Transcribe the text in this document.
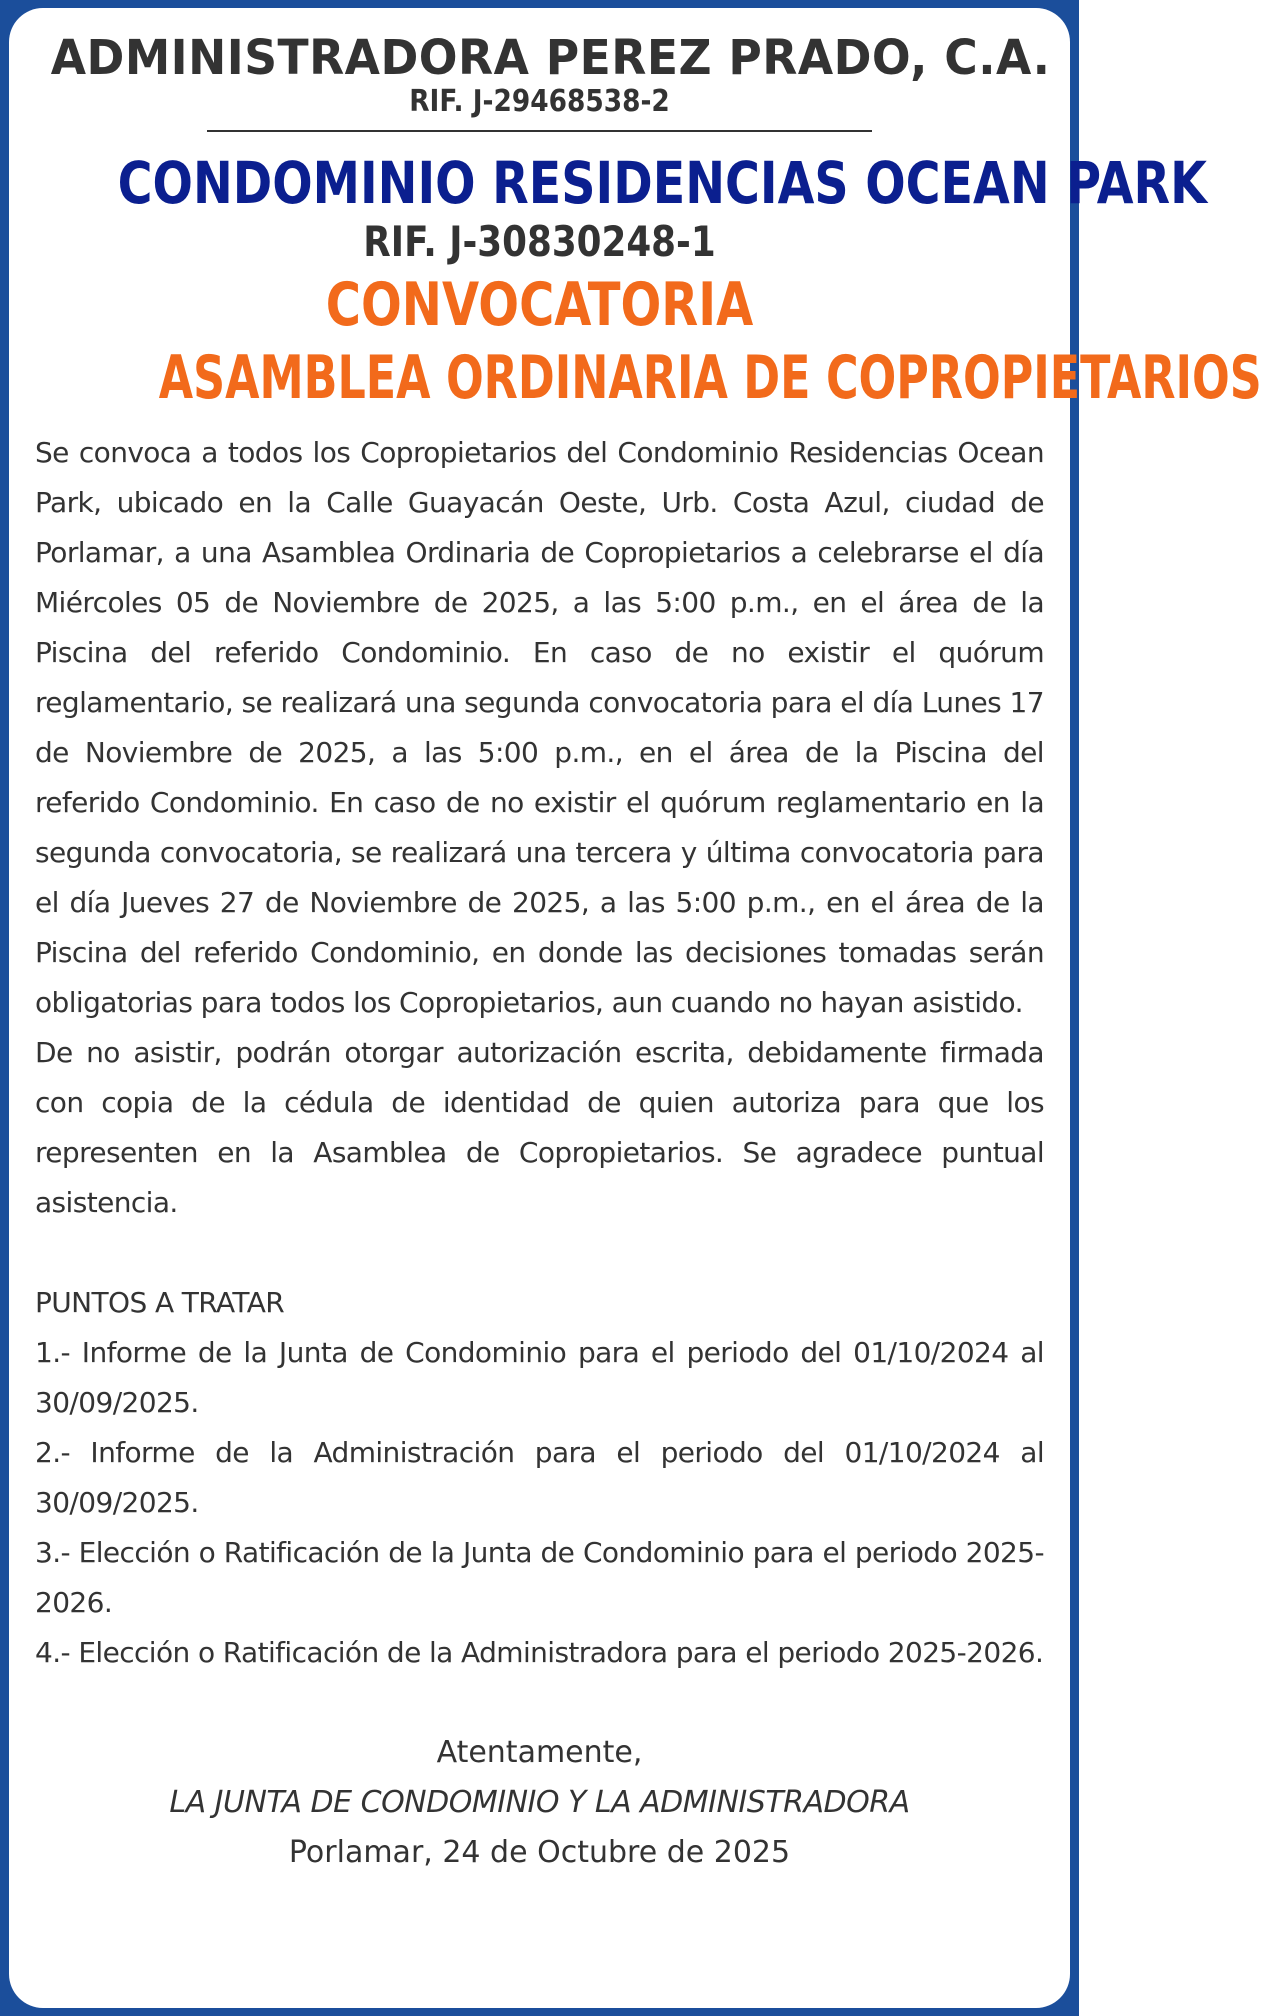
ADMINISTRADORA PEREZ PRADO, C.A.
RIF. J-29468538-2
CONDOMINIO RESIDENCIAS OCEAN PARK
RIF. J-30830248-1
CONVOCATORIA
ASAMBLEA ORDINARIA DE COPROPIETARIOS

Se convoca a todos los Copropietarios del Condominio Residencias Ocean Park, ubicado en la Calle Guayacán Oeste, Urb. Costa Azul, ciudad de Porlamar, a una Asamblea Ordinaria de Copropietarios a celebrarse el día Miércoles 05 de Noviembre de 2025, a las 5:00 p.m., en el área de la Piscina del referido Condominio. En caso de no existir el quórum reglamentario, se realizará una segunda convocatoria para el día Lunes 17 de Noviembre de 2025, a las 5:00 p.m., en el área de la Piscina del referido Condominio. En caso de no existir el quórum reglamentario en la segunda convocatoria, se realizará una tercera y última convocatoria para el día Jueves 27 de Noviembre de 2025, a las 5:00 p.m., en el área de la Piscina del referido Condominio, en donde las decisiones tomadas serán obligatorias para todos los Copropietarios, aun cuando no hayan asistido.

De no asistir, podrán otorgar autorización escrita, debidamente firmada con copia de la cédula de identidad de quien autoriza para que los representen en la Asamblea de Copropietarios. Se agradece puntual asistencia.

PUNTOS A TRATAR

1.- Informe de la Junta de Condominio para el periodo del 01/10/2024 al 30/09/2025.

2.- Informe de la Administración para el periodo del 01/10/2024 al 30/09/2025.

3.- Elección o Ratificación de la Junta de Condominio para el periodo 2025-2026.

4.- Elección o Ratificación de la Administradora para el periodo 2025-2026.

Atentamente,
LA JUNTA DE CONDOMINIO Y LA ADMINISTRADORA
Porlamar, 24 de Octubre de 2025
